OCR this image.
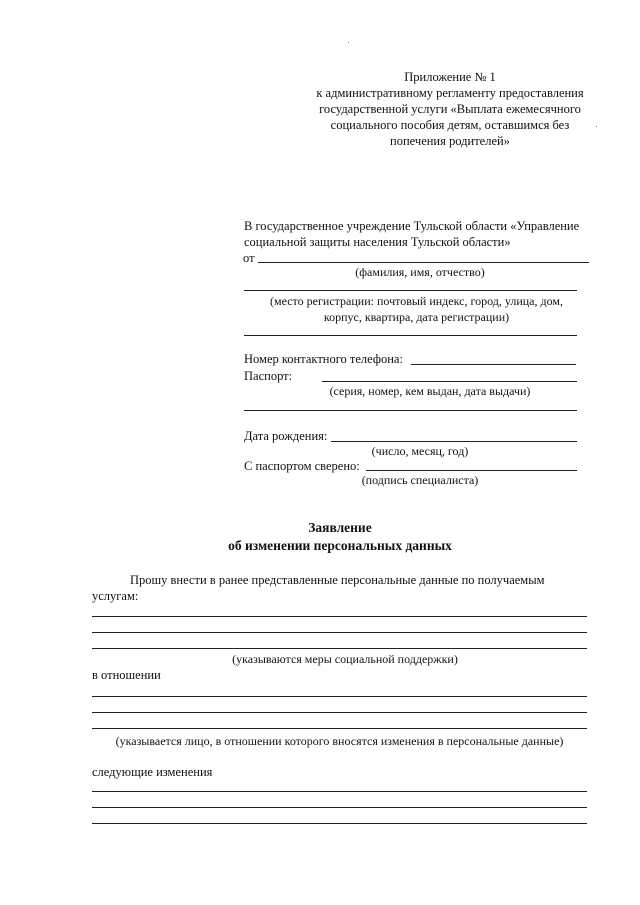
Приложение № 1
к административному регламенту предоставления
государственной услуги «Выплата ежемесячного
социального пособия детям, оставшимся без
попечения родителей»
В государственное учреждение Тульской области «Управление
социальной защиты населения Тульской области»
от
(фамилия, имя, отчество)
(место регистрации: почтовый индекс, город, улица, дом,
корпус, квартира, дата регистрации)
Номер контактного телефона:
Паспорт:
(серия, номер, кем выдан, дата выдачи)
Дата рождения:
(число, месяц, год)
С паспортом сверено:
(подпись специалиста)
Заявление
об изменении персональных данных
Прошу внести в ранее представленные персональные данные по получаемым
услугам:
(указываются меры социальной поддержки)
в отношении
(указывается лицо, в отношении которого вносятся изменения в персональные данные)
следующие изменения
